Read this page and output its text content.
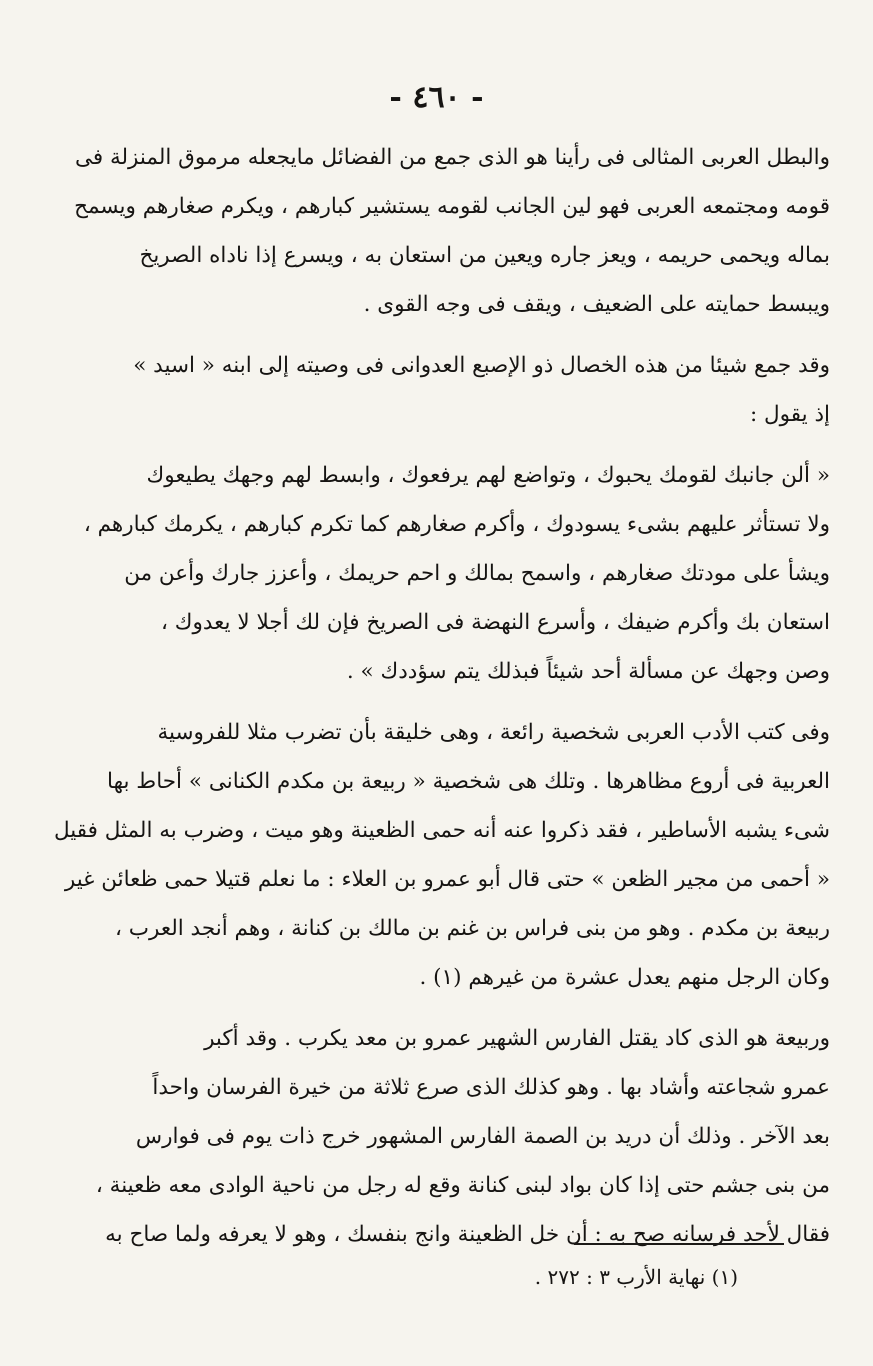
- ٤٦٠ -

والبطل العربى المثالى فى رأينا هو الذى جمع من الفضائل مايجعله مرموق المنزلة فى
قومه ومجتمعه العربى فهو لين الجانب لقومه يستشير كبارهم ، ويكرم صغارهم ويسمح
بماله ويحمى حريمه ، ويعز جاره ويعين من استعان به ، ويسرع إذا ناداه الصريخ
ويبسط حمايته على الضعيف ، ويقف فى وجه القوى .

وقد جمع شيئا من هذه الخصال ذو الإصبع العدوانى فى وصيته إلى ابنه « اسيد »
إذ يقول :

« ألن جانبك لقومك يحبوك ، وتواضع لهم يرفعوك ، وابسط لهم وجهك يطيعوك
ولا تستأثر عليهم بشىء يسودوك ، وأكرم صغارهم كما تكرم كبارهم ، يكرمك كبارهم ،
ويشأ على مودتك صغارهم ، واسمح بمالك و احم حريمك ، وأعزز جارك وأعن من
استعان بك وأكرم ضيفك ، وأسرع النهضة فى الصريخ فإن لك أجلا لا يعدوك ،
وصن وجهك عن مسألة أحد شيئاً فبذلك يتم سؤددك » .

وفى كتب الأدب العربى شخصية رائعة ، وهى خليقة بأن تضرب مثلا للفروسية
العربية فى أروع مظاهرها . وتلك هى شخصية « ربيعة بن مكدم الكنانى » أحاط بها
شىء يشبه الأساطير ، فقد ذكروا عنه أنه حمى الظعينة وهو ميت ، وضرب به المثل فقيل
« أحمى من مجير الظعن » حتى قال أبو عمرو بن العلاء : ما نعلم قتيلا حمى ظعائن غير
ربيعة بن مكدم . وهو من بنى فراس بن غنم بن مالك بن كنانة ، وهم أنجد العرب ،
وكان الرجل منهم يعدل عشرة من غيرهم (١) .

وربيعة هو الذى كاد يقتل الفارس الشهير عمرو بن معد يكرب . وقد أكبر
عمرو شجاعته وأشاد بها . وهو كذلك الذى صرع ثلاثة من خيرة الفرسان واحداً
بعد الآخر . وذلك أن دريد بن الصمة الفارس المشهور خرج ذات يوم فى فوارس
من بنى جشم حتى إذا كان بواد لبنى كنانة وقع له رجل من ناحية الوادى معه ظعينة ،
فقال لأحد فرسانه صح به : أن خل الظعينة وانج بنفسك ، وهو لا يعرفه ولما صاح به

(١) نهاية الأرب ٣ : ٢٧٢ .
